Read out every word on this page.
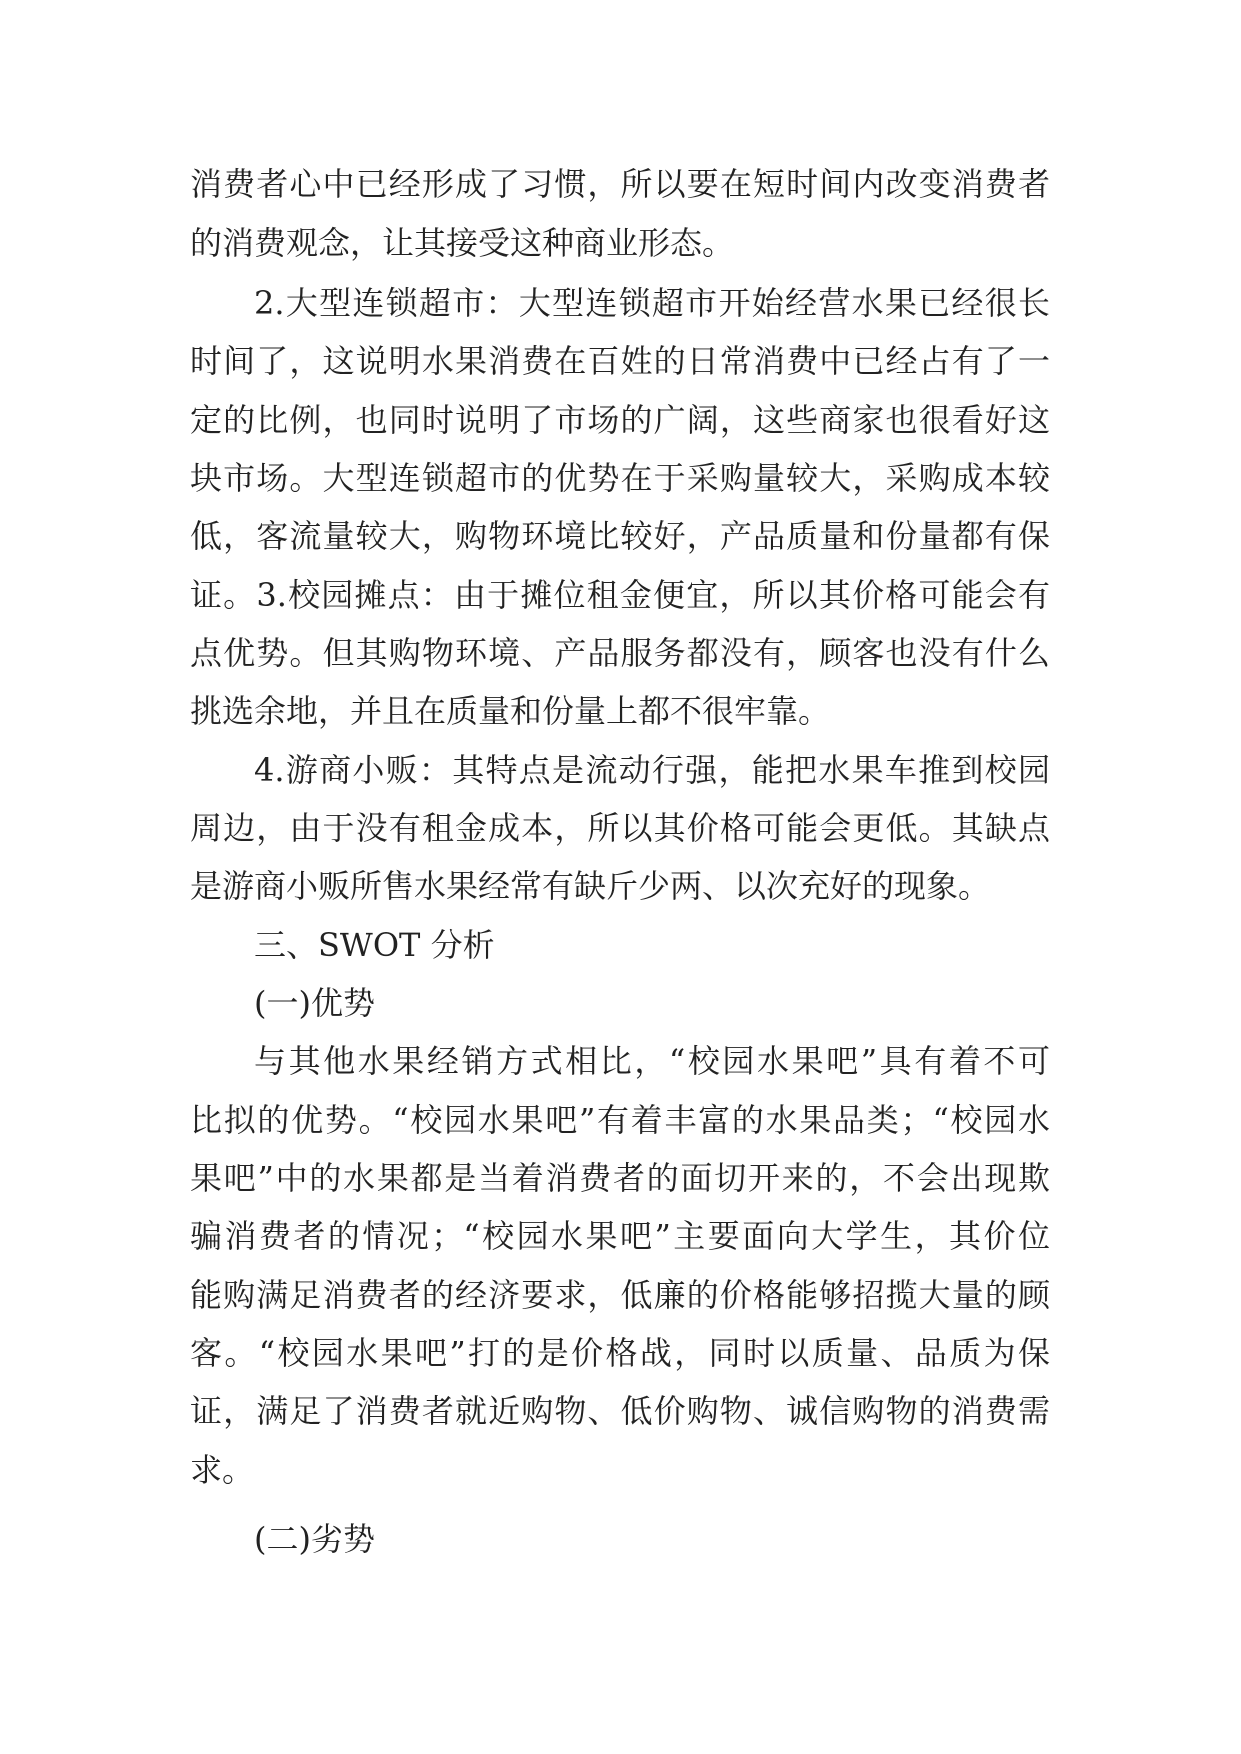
消费者心中已经形成了习惯，所以要在短时间内改变消费者
的消费观念，让其接受这种商业形态。
2.大型连锁超市：大型连锁超市开始经营水果已经很长
时间了，这说明水果消费在百姓的日常消费中已经占有了一
定的比例，也同时说明了市场的广阔，这些商家也很看好这
块市场。大型连锁超市的优势在于采购量较大，采购成本较
低，客流量较大，购物环境比较好，产品质量和份量都有保
证。3.校园摊点：由于摊位租金便宜，所以其价格可能会有
点优势。但其购物环境、产品服务都没有，顾客也没有什么
挑选余地，并且在质量和份量上都不很牢靠。
4.游商小贩：其特点是流动行强，能把水果车推到校园
周边，由于没有租金成本，所以其价格可能会更低。其缺点
是游商小贩所售水果经常有缺斤少两、以次充好的现象。
三、SWOT 分析
(一)优势
与其他水果经销方式相比，“校园水果吧”具有着不可
比拟的优势。“校园水果吧”有着丰富的水果品类；“校园水
果吧”中的水果都是当着消费者的面切开来的，不会出现欺
骗消费者的情况；“校园水果吧”主要面向大学生，其价位
能购满足消费者的经济要求，低廉的价格能够招揽大量的顾
客。“校园水果吧”打的是价格战，同时以质量、品质为保
证，满足了消费者就近购物、低价购物、诚信购物的消费需
求。
(二)劣势
